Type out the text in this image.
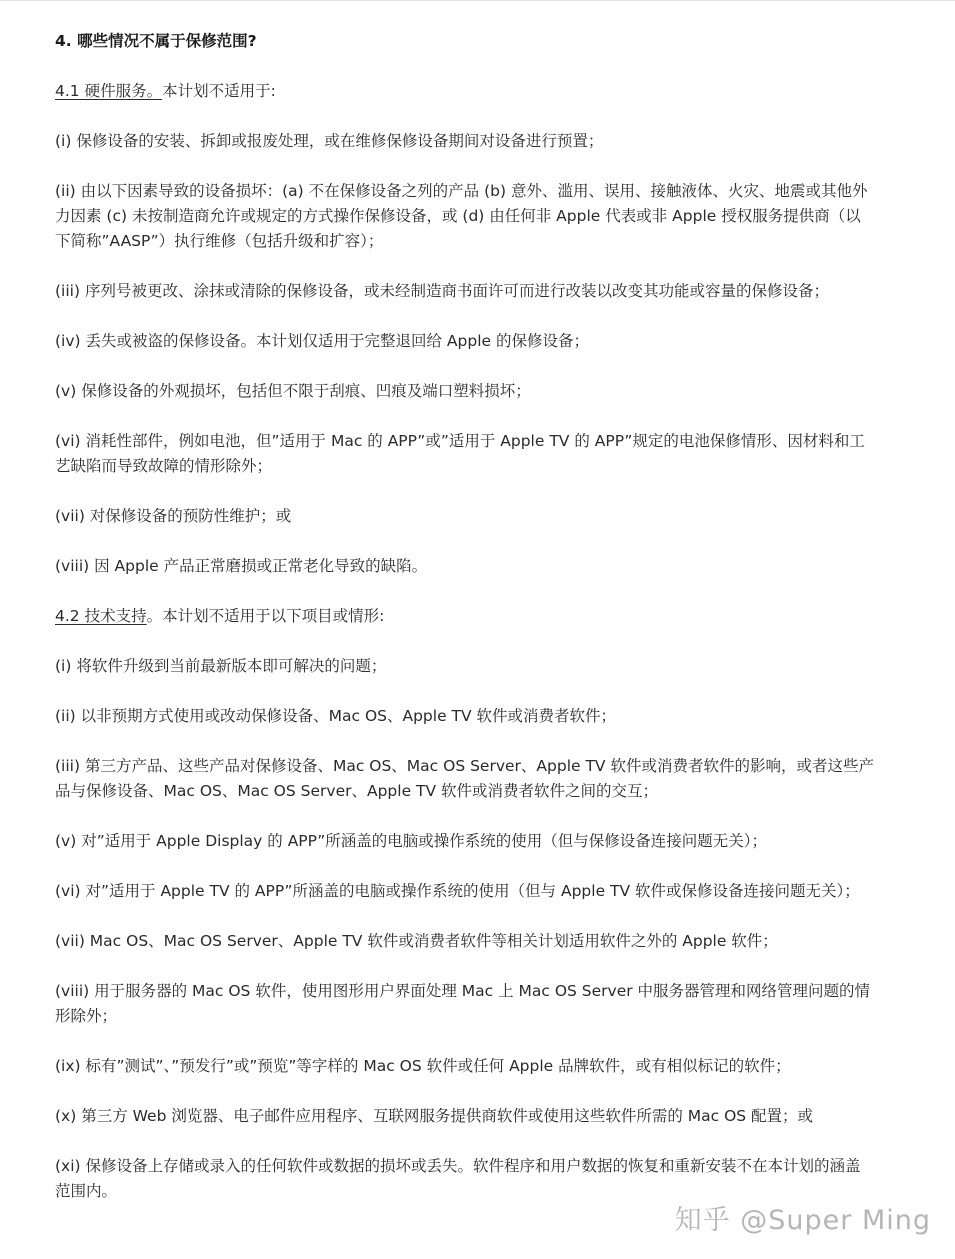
4. 哪些情况不属于保修范围?

4.1 硬件服务。本计划不适用于:

(i) 保修设备的安装、拆卸或报废处理，或在维修保修设备期间对设备进行预置；

(ii) 由以下因素导致的设备损坏：(a) 不在保修设备之列的产品 (b) 意外、滥用、误用、接触液体、火灾、地震或其他外力因素 (c) 未按制造商允许或规定的方式操作保修设备，或 (d) 由任何非 Apple 代表或非 Apple 授权服务提供商（以下简称”AASP”）执行维修（包括升级和扩容）；

(iii) 序列号被更改、涂抹或清除的保修设备，或未经制造商书面许可而进行改装以改变其功能或容量的保修设备；

(iv) 丢失或被盗的保修设备。本计划仅适用于完整退回给 Apple 的保修设备；

(v) 保修设备的外观损坏，包括但不限于刮痕、凹痕及端口塑料损坏；

(vi) 消耗性部件，例如电池，但”适用于 Mac 的 APP”或”适用于 Apple TV 的 APP”规定的电池保修情形、因材料和工艺缺陷而导致故障的情形除外；

(vii) 对保修设备的预防性维护；或

(viii) 因 Apple 产品正常磨损或正常老化导致的缺陷。

4.2 技术支持。本计划不适用于以下项目或情形:

(i) 将软件升级到当前最新版本即可解决的问题；

(ii) 以非预期方式使用或改动保修设备、Mac OS、Apple TV 软件或消费者软件；

(iii) 第三方产品、这些产品对保修设备、Mac OS、Mac OS Server、Apple TV 软件或消费者软件的影响，或者这些产品与保修设备、Mac OS、Mac OS Server、Apple TV 软件或消费者软件之间的交互；

(v) 对”适用于 Apple Display 的 APP”所涵盖的电脑或操作系统的使用（但与保修设备连接问题无关）；

(vi) 对”适用于 Apple TV 的 APP”所涵盖的电脑或操作系统的使用（但与 Apple TV 软件或保修设备连接问题无关）；

(vii) Mac OS、Mac OS Server、Apple TV 软件或消费者软件等相关计划适用软件之外的 Apple 软件；

(viii) 用于服务器的 Mac OS 软件，使用图形用户界面处理 Mac 上 Mac OS Server 中服务器管理和网络管理问题的情形除外；

(ix) 标有”测试”、”预发行”或”预览”等字样的 Mac OS 软件或任何 Apple 品牌软件，或有相似标记的软件；

(x) 第三方 Web 浏览器、电子邮件应用程序、互联网服务提供商软件或使用这些软件所需的 Mac OS 配置；或

(xi) 保修设备上存储或录入的任何软件或数据的损坏或丢失。软件程序和用户数据的恢复和重新安装不在本计划的涵盖范围内。

知乎 @Super Ming
